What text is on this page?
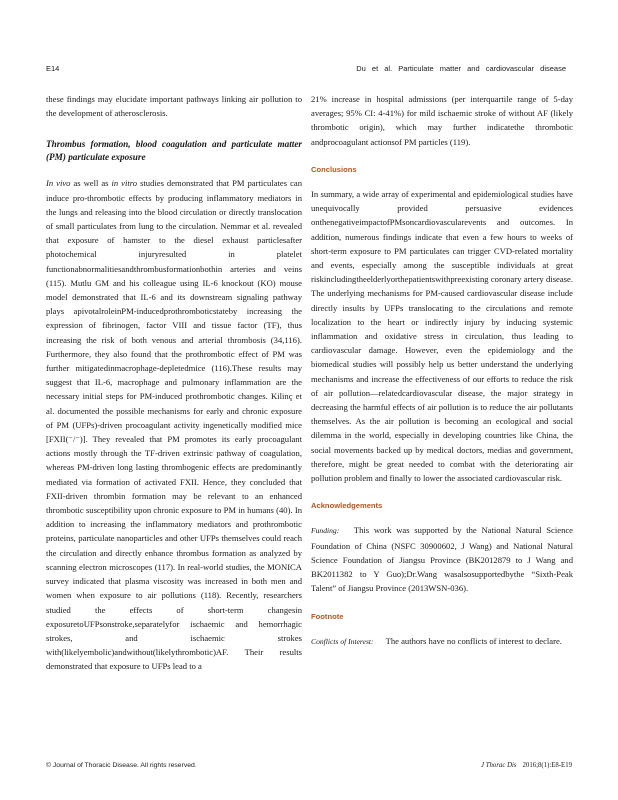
E14	Du et al. Particulate matter and cardiovascular disease

these findings may elucidate important pathways linking air pollution to the development of atherosclerosis.

Thrombus formation, blood coagulation and particulate matter (PM) particulate exposure

In vivo as well as in vitro studies demonstrated that PM particulates can induce pro-thrombotic effects by producing inflammatory mediators in the lungs and releasing into the blood circulation or directly translocation of small particulates from lung to the circulation. Nemmar et al. revealed that exposure of hamster to the diesel exhaust particlesafter photochemical injuryresulted in platelet functionabnormalitiesandthrombusformationbothin arteries and veins (115). Mutlu GM and his colleague using IL-6 knockout (KO) mouse model demonstrated that IL-6 and its downstream signaling pathway plays apivotalroleinPM-inducedprothromboticstateby increasing the expression of fibrinogen, factor VIII and tissue factor (TF), thus increasing the risk of both venous and arterial thrombosis (34,116). Furthermore, they also found that the prothrombotic effect of PM was further mitigatedinmacrophage-depletedmice (116).These results may suggest that IL-6, macrophage and pulmonary inflammation are the necessary initial steps for PM-induced prothrombotic changes. Kilinç et al. documented the possible mechanisms for early and chronic exposure of PM (UFPs)-driven procoagulant activity ingenetically modified mice [FXII(⁻/⁻)]. They revealed that PM promotes its early procoagulant actions mostly through the TF-driven extrinsic pathway of coagulation, whereas PM-driven long lasting thrombogenic effects are predominantly mediated via formation of activated FXII. Hence, they concluded that FXII-driven thrombin formation may be relevant to an enhanced thrombotic susceptibility upon chronic exposure to PM in humans (40). In addition to increasing the inflammatory mediators and prothrombotic proteins, particulate nanoparticles and other UFPs themselves could reach the circulation and directly enhance thrombus formation as analyzed by scanning electron microscopes (117). In real-world studies, the MONICA survey indicated that plasma viscosity was increased in both men and women when exposure to air pollutions (118). Recently, researchers studied the effects of short-term changesin exposuretoUFPsonstroke,separatelyfor ischaemic and hemorrhagic strokes, and ischaemic strokes with(likelyembolic)andwithout(likelythrombotic)AF. Their results demonstrated that exposure to UFPs lead to a

21% increase in hospital admissions (per interquartile range of 5-day averages; 95% CI: 4-41%) for mild ischaemic stroke of without AF (likely thrombotic origin), which may further indicatethe thrombotic andprocoagulant actionsof PM particles (119).

Conclusions

In summary, a wide array of experimental and epidemiological studies have unequivocally provided persuasive evidences onthenegativeimpactofPMsoncardiovascularevents and outcomes. In addition, numerous findings indicate that even a few hours to weeks of short-term exposure to PM particulates can trigger CVD-related mortality and events, especially among the susceptible individuals at great riskincludingtheelderlyorthepatientswithpreexisting coronary artery disease. The underlying mechanisms for PM-caused cardiovascular disease include directly insults by UFPs translocating to the circulations and remote localization to the heart or indirectly injury by inducing systemic inflammation and oxidative stress in circulation, thus leading to cardiovascular damage. However, even the epidemiology and the biomedical studies will possibly help us better understand the underlying mechanisms and increase the effectiveness of our efforts to reduce the risk of air pollution—relatedcardiovascular disease, the major strategy in decreasing the harmful effects of air pollution is to reduce the air pollutants themselves. As the air pollution is becoming an ecological and social dilemma in the world, especially in developing countries like China, the social movements backed up by medical doctors, medias and government, therefore, might be great needed to combat with the deteriorating air pollution problem and finally to lower the associated cardiovascular risk.

Acknowledgements

Funding: This work was supported by the National Natural Science Foundation of China (NSFC 30900602, J Wang) and National Natural Science Foundation of Jiangsu Province (BK2012879 to J Wang and BK2011382 to Y Guo);Dr.Wang wasalsosupportedbythe “Sixth-Peak Talent” of Jiangsu Province (2013WSN-036).

Footnote

Conflicts of Interest: The authors have no conflicts of interest to declare.

© Journal of Thoracic Disease. All rights reserved.	J Thorac Dis 2016;8(1):E8-E19
